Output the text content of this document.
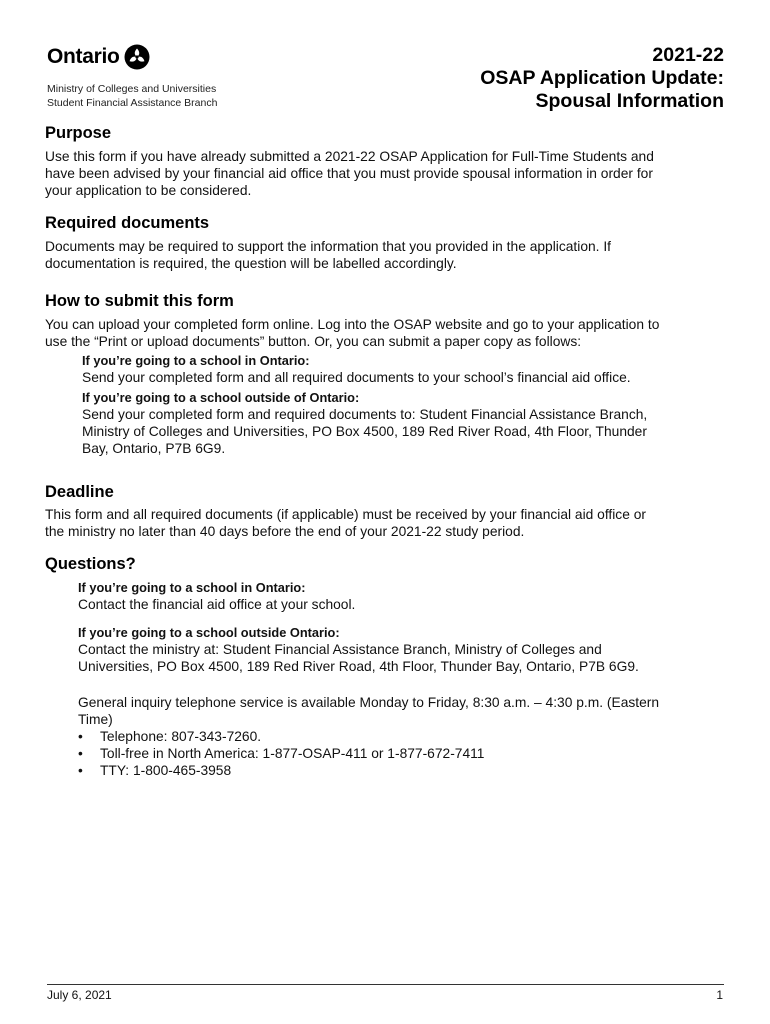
Ontario
Ministry of Colleges and Universities
Student Financial Assistance Branch
2021-22
OSAP Application Update:
Spousal Information
Purpose

Use this form if you have already submitted a 2021-22 OSAP Application for Full-Time Students and

have been advised by your financial aid office that you must provide spousal information in order for

your application to be considered.

Required documents

Documents may be required to support the information that you provided in the application. If

documentation is required, the question will be labelled accordingly.

How to submit this form

You can upload your completed form online. Log into the OSAP website and go to your application to

use the “Print or upload documents” button. Or, you can submit a paper copy as follows:

If you’re going to a school in Ontario:

Send your completed form and all required documents to your school’s financial aid office.

If you’re going to a school outside of Ontario:

Send your completed form and required documents to: Student Financial Assistance Branch,

Ministry of Colleges and Universities, PO Box 4500, 189 Red River Road, 4th Floor, Thunder

Bay, Ontario, P7B 6G9.

Deadline

This form and all required documents (if applicable) must be received by your financial aid office or

the ministry no later than 40 days before the end of your 2021-22 study period.

Questions?

If you’re going to a school in Ontario:

Contact the financial aid office at your school.

If you’re going to a school outside Ontario:

Contact the ministry at: Student Financial Assistance Branch, Ministry of Colleges and

Universities, PO Box 4500, 189 Red River Road, 4th Floor, Thunder Bay, Ontario, P7B 6G9.

General inquiry telephone service is available Monday to Friday, 8:30 a.m. – 4:30 p.m. (Eastern

Time)

• Telephone: 807-343-7260.
• Toll-free in North America: 1-877-OSAP-411 or 1-877-672-7411
• TTY: 1-800-465-3958
July 6, 2021	1
